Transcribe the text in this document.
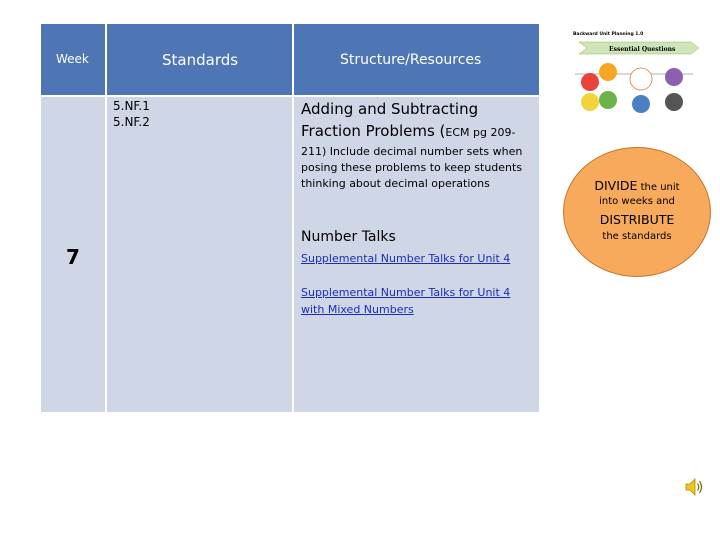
Week	Standards	Structure/Resources
7
5.NF.1
5.NF.2
Adding and Subtracting
Fraction Problems (ECM pg 209-
211) Include decimal number sets when
posing these problems to keep students
thinking about decimal operations
Number Talks
Supplemental Number Talks for Unit 4
Supplemental Number Talks for Unit 4
with Mixed Numbers
Backward Unit Planning 1.0
Essential Questions
DIVIDE the unit
into weeks and
DISTRIBUTE
the standards
